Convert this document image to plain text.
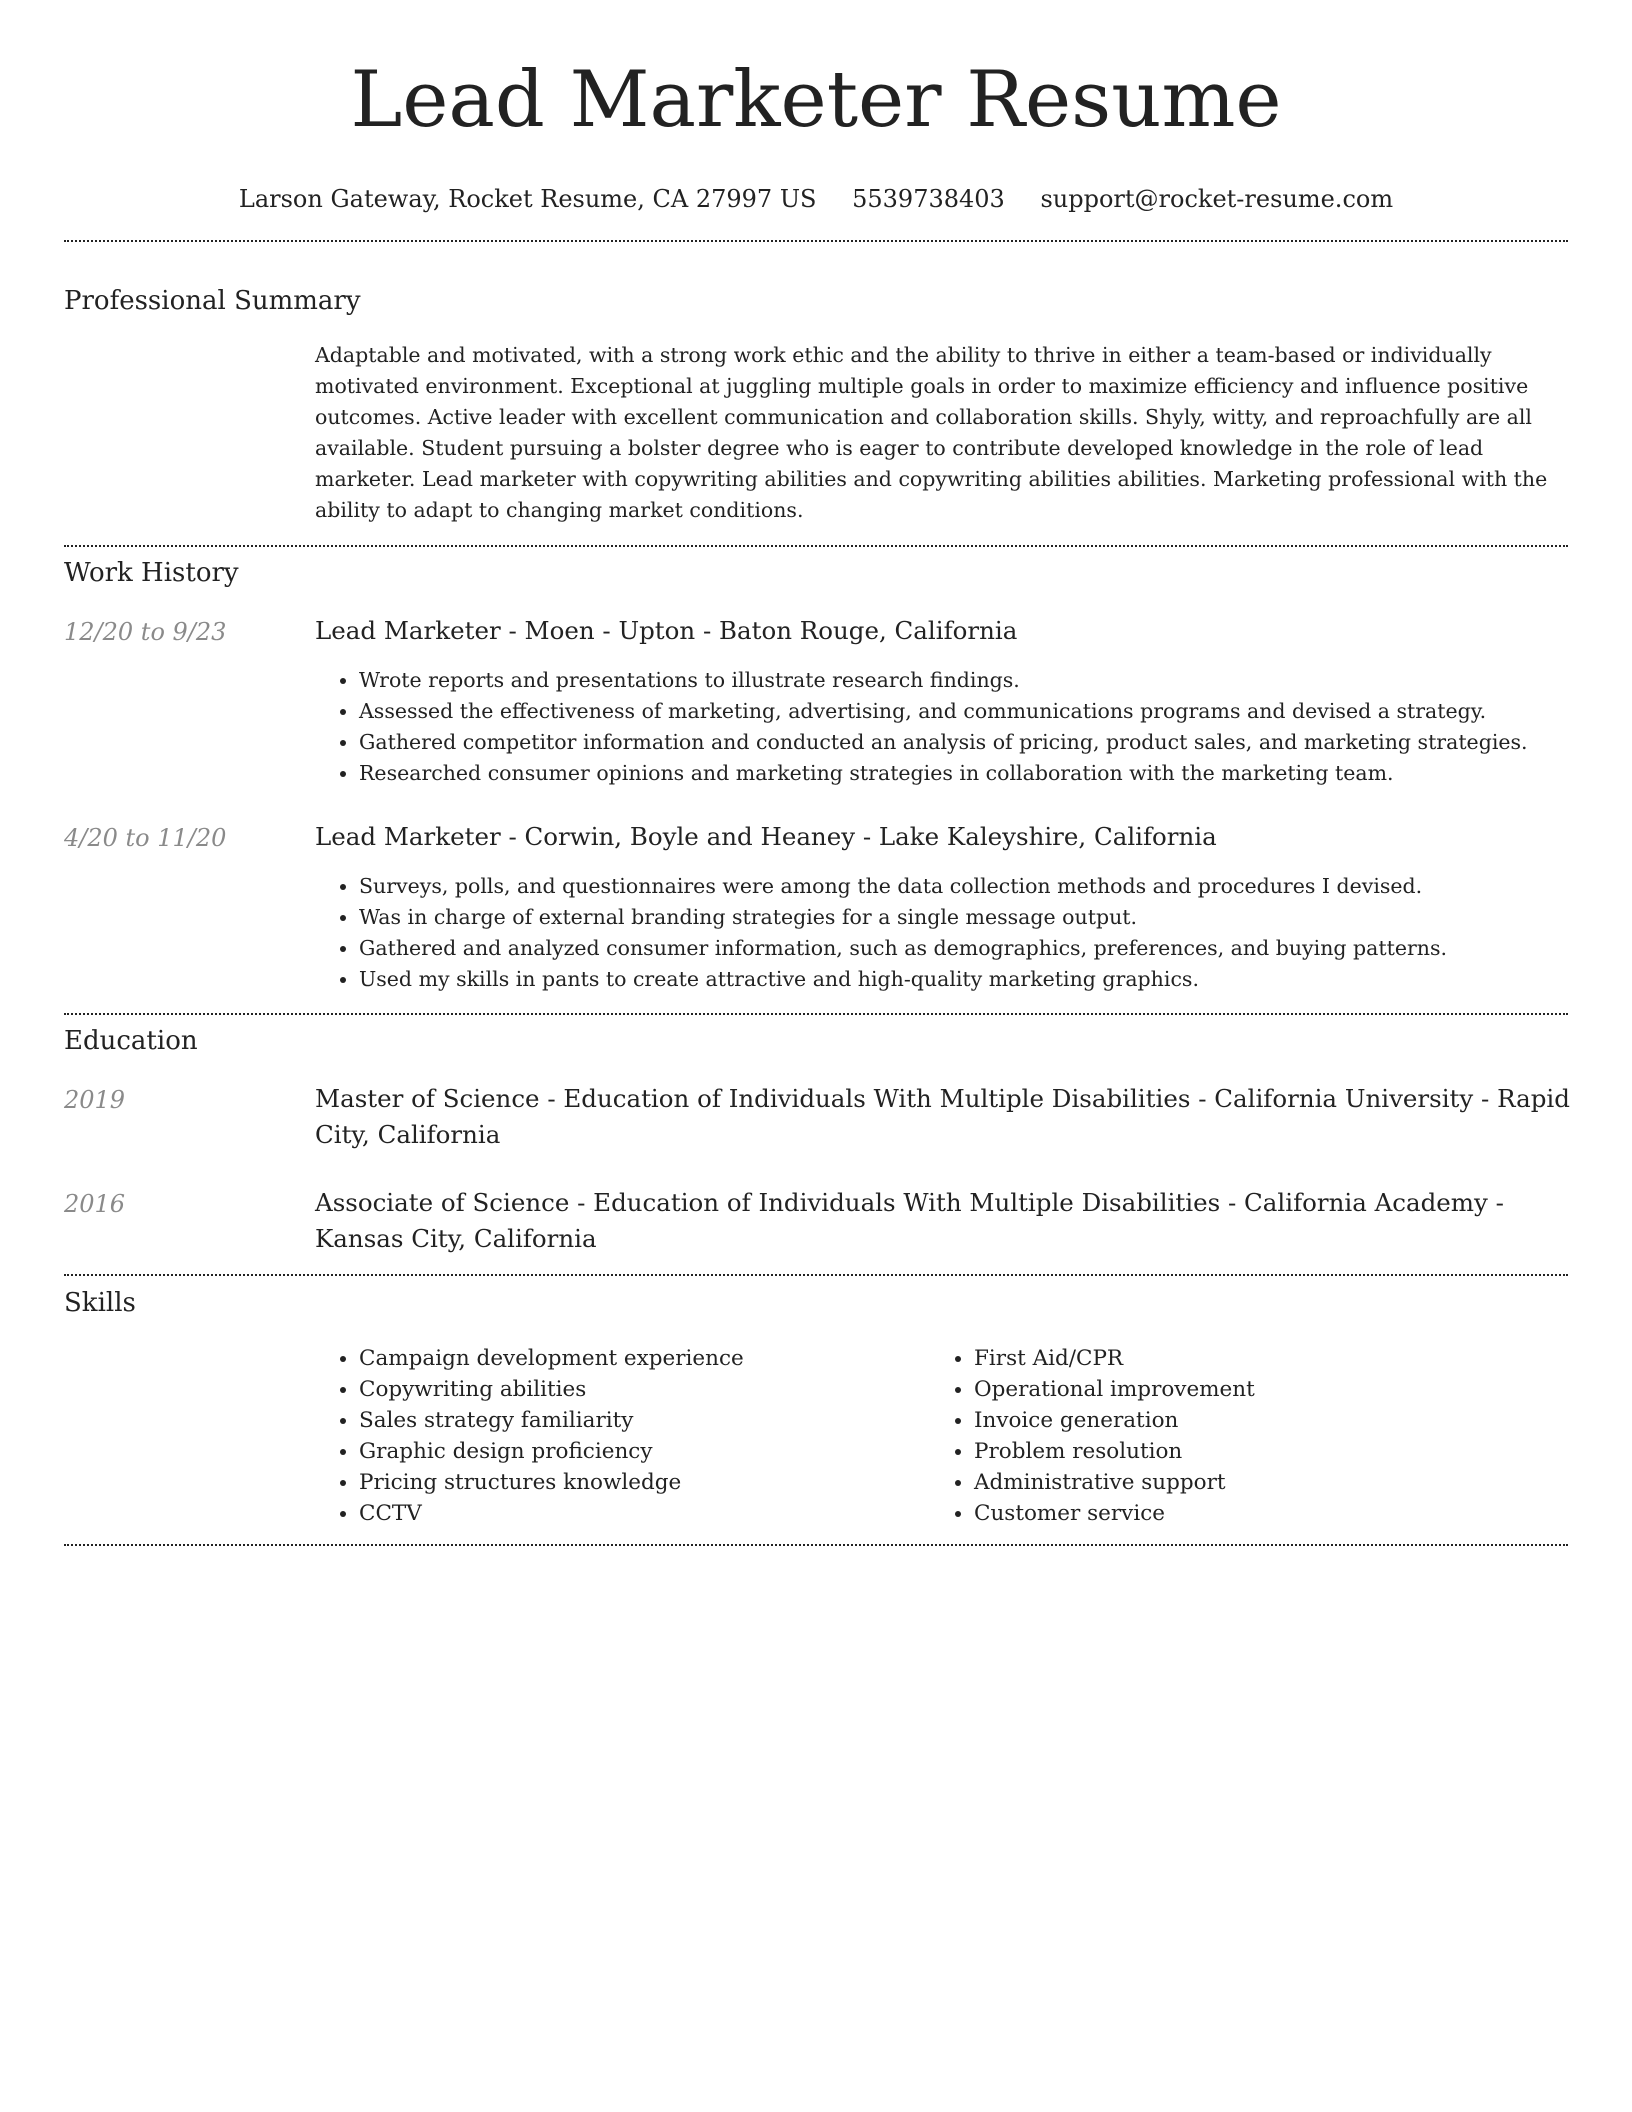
Lead Marketer Resume
Larson Gateway, Rocket Resume, CA 27997 US 5539738403 support@rocket-resume.com
Professional Summary
Adaptable and motivated, with a strong work ethic and the ability to thrive in either a team-based or individually motivated environment. Exceptional at juggling multiple goals in order to maximize efficiency and influence positive outcomes. Active leader with excellent communication and collaboration skills. Shyly, witty, and reproachfully are all available. Student pursuing a bolster degree who is eager to contribute developed knowledge in the role of lead marketer. Lead marketer with copywriting abilities and copywriting abilities abilities. Marketing professional with the ability to adapt to changing market conditions.
Work History
12/20 to 9/23	Lead Marketer - Moen - Upton - Baton Rouge, California
• Wrote reports and presentations to illustrate research findings.
• Assessed the effectiveness of marketing, advertising, and communications programs and devised a strategy.
• Gathered competitor information and conducted an analysis of pricing, product sales, and marketing strategies.
• Researched consumer opinions and marketing strategies in collaboration with the marketing team.
4/20 to 11/20	Lead Marketer - Corwin, Boyle and Heaney - Lake Kaleyshire, California
• Surveys, polls, and questionnaires were among the data collection methods and procedures I devised.
• Was in charge of external branding strategies for a single message output.
• Gathered and analyzed consumer information, such as demographics, preferences, and buying patterns.
• Used my skills in pants to create attractive and high-quality marketing graphics.
Education
2019	Master of Science - Education of Individuals With Multiple Disabilities - California University - Rapid City, California
2016	Associate of Science - Education of Individuals With Multiple Disabilities - California Academy - Kansas City, California
Skills
• Campaign development experience
• Copywriting abilities
• Sales strategy familiarity
• Graphic design proficiency
• Pricing structures knowledge
• CCTV
• First Aid/CPR
• Operational improvement
• Invoice generation
• Problem resolution
• Administrative support
• Customer service
